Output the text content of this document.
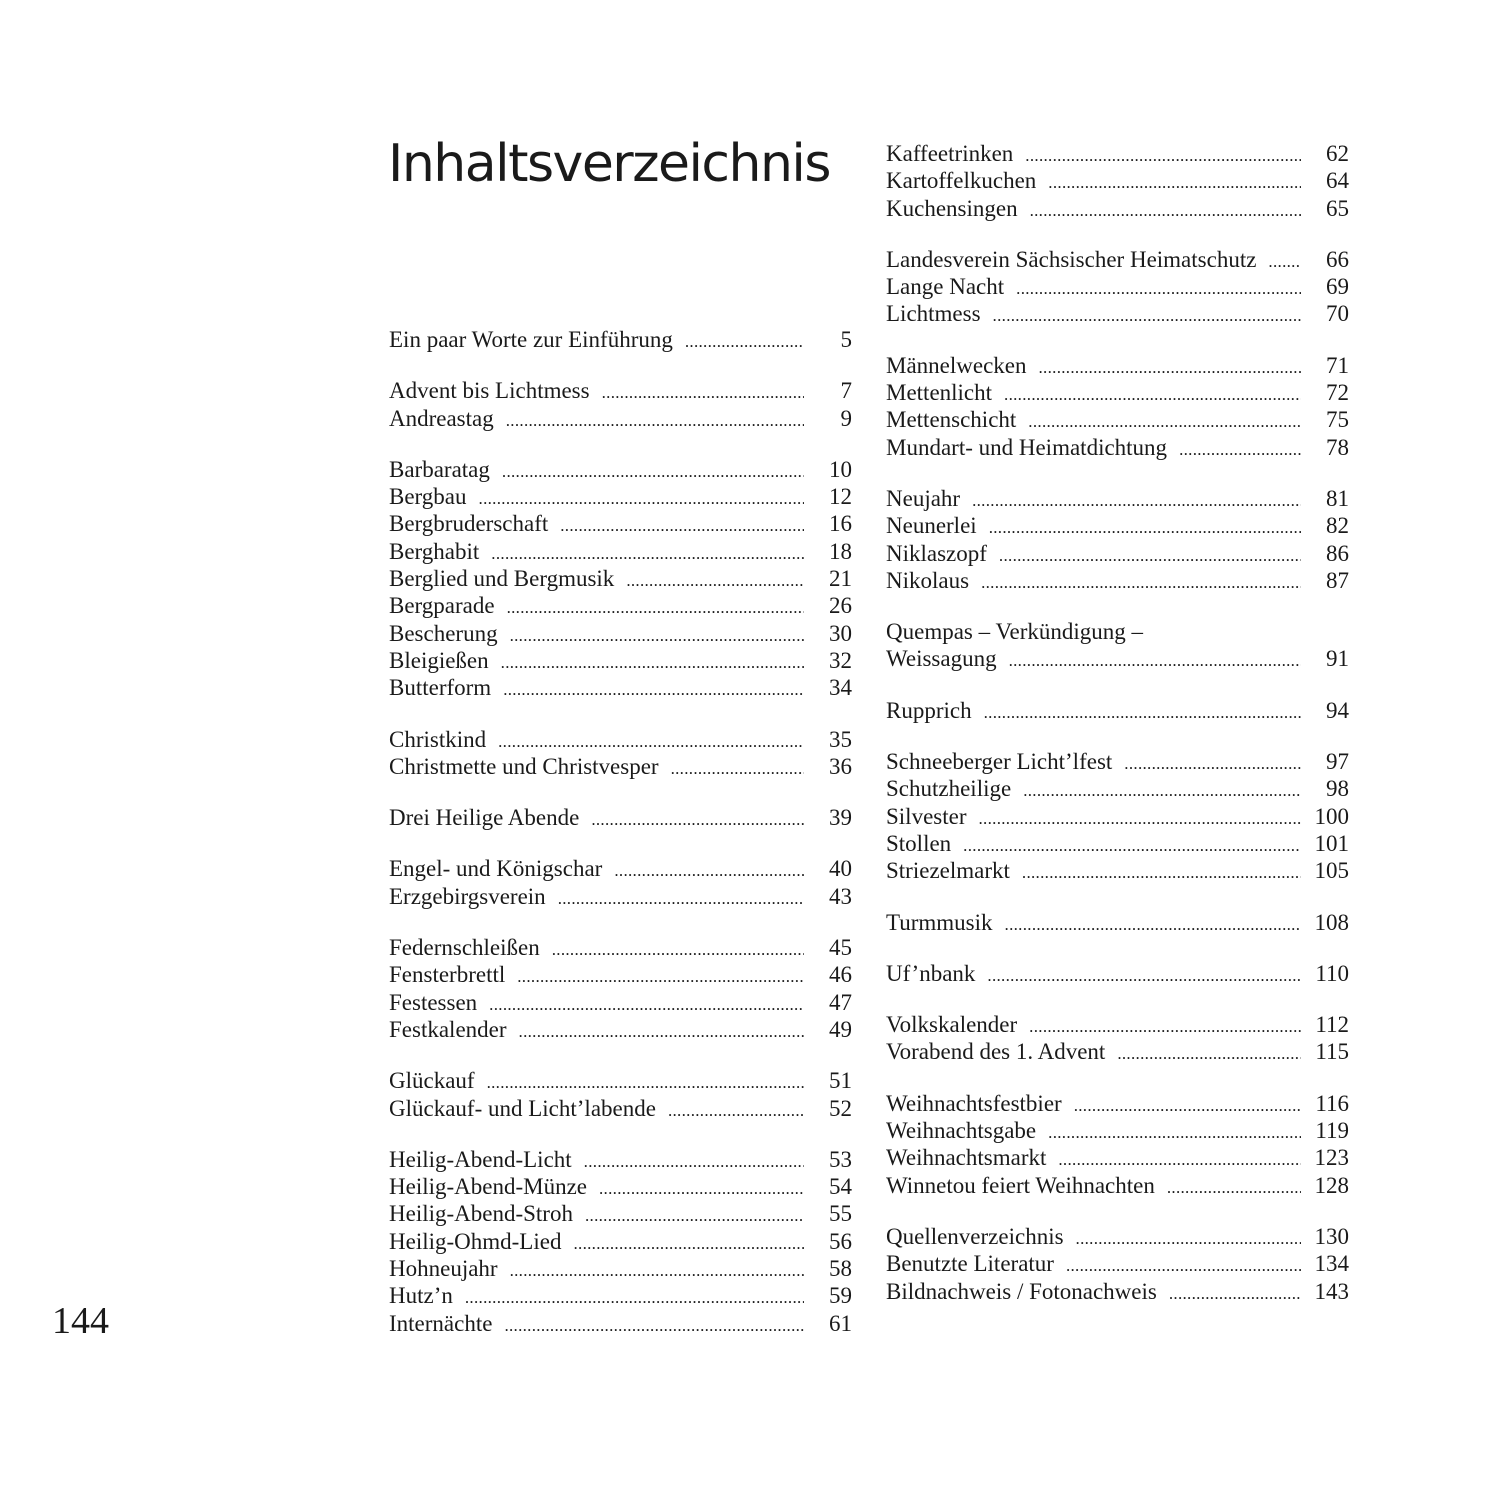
Inhaltsverzeichnis
Ein paar Worte zur Einführung .....	5
Advent bis Lichtmess .....	7
Andreastag .....	9
Barbaratag .....	10
Bergbau .....	12
Bergbruderschaft .....	16
Berghabit .....	18
Berglied und Bergmusik .....	21
Bergparade .....	26
Bescherung .....	30
Bleigießen .....	32
Butterform .....	34
Christkind .....	35
Christmette und Christvesper .....	36
Drei Heilige Abende .....	39
Engel- und Königschar .....	40
Erzgebirgsverein .....	43
Federnschleißen .....	45
Fensterbrettl .....	46
Festessen .....	47
Festkalender .....	49
Glückauf .....	51
Glückauf- und Licht’labende .....	52
Heilig-Abend-Licht .....	53
Heilig-Abend-Münze .....	54
Heilig-Abend-Stroh .....	55
Heilig-Ohmd-Lied .....	56
Hohneujahr .....	58
Hutz’n .....	59
Internächte .....	61
Kaffeetrinken .....	62
Kartoffelkuchen .....	64
Kuchensingen .....	65
Landesverein Sächsischer Heimatschutz .....	66
Lange Nacht .....	69
Lichtmess .....	70
Männelwecken .....	71
Mettenlicht .....	72
Mettenschicht .....	75
Mundart- und Heimatdichtung .....	78
Neujahr .....	81
Neunerlei .....	82
Niklaszopf .....	86
Nikolaus .....	87
Quempas – Verkündigung –
Weissagung .....	91
Rupprich .....	94
Schneeberger Licht’lfest .....	97
Schutzheilige .....	98
Silvester .....	100
Stollen .....	101
Striezelmarkt .....	105
Turmmusik .....	108
Uf’nbank .....	110
Volkskalender .....	112
Vorabend des 1. Advent .....	115
Weihnachtsfestbier .....	116
Weihnachtsgabe .....	119
Weihnachtsmarkt .....	123
Winnetou feiert Weihnachten .....	128
Quellenverzeichnis .....	130
Benutzte Literatur .....	134
Bildnachweis / Fotonachweis .....	143
144
